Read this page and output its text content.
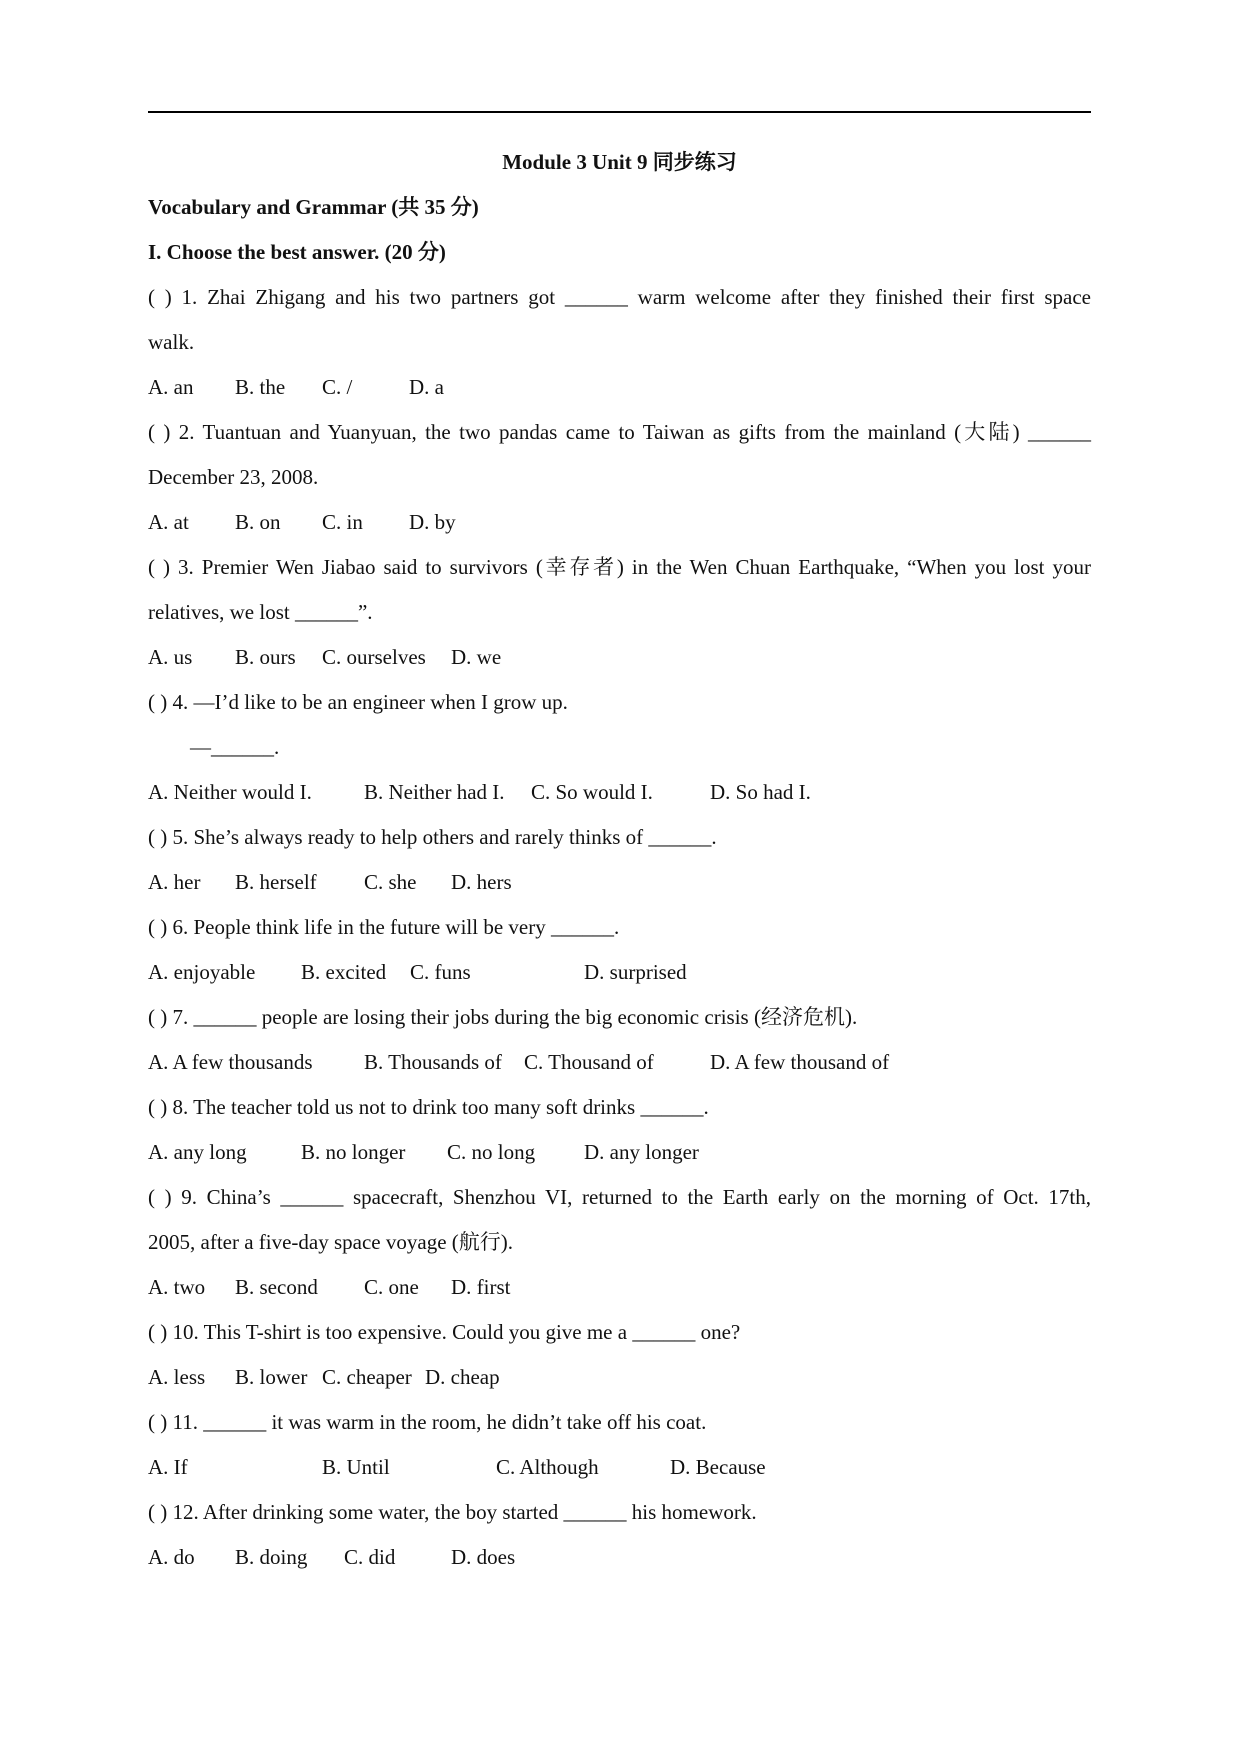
Module 3 Unit 9 同步练习
Vocabulary and Grammar (共 35 分)
I. Choose the best answer. (20 分)
( ) 1. Zhai Zhigang and his two partners got ______ warm welcome after they finished their first space
walk.
A. an B. the C. /	D. a
( ) 2. Tuantuan and Yuanyuan, the two pandas came to Taiwan as gifts from the mainland (大陆) ______
December 23, 2008.
A. at B. on C. in D. by
( ) 3. Premier Wen Jiabao said to survivors (幸存者) in the Wen Chuan Earthquake, “When you lost your
relatives, we lost ______”.
A. us B. ours C. ourselves D. we
( ) 4. —I’d like to be an engineer when I grow up.
—______.
A. Neither would I. B. Neither had I. C. So would I.	D. So had I.
( ) 5. She’s always ready to help others and rarely thinks of ______.
A. her B. herself C. she D. hers
( ) 6. People think life in the future will be very ______.
A. enjoyable B. excited C. funs	D. surprised
( ) 7. ______ people are losing their jobs during the big economic crisis (经济危机).
A. A few thousands B. Thousands of C. Thousand of	D. A few thousand of
( ) 8. The teacher told us not to drink too many soft drinks ______.
A. any long	B. no longer C. no long D. any longer
( ) 9. China’s ______ spacecraft, Shenzhou VI, returned to the Earth early on the morning of Oct. 17th,
2005, after a five-day space voyage (航行).
A. two B. second C. one D. first
( ) 10. This T-shirt is too expensive. Could you give me a ______ one?
A. less B. lower C. cheaper D. cheap
( ) 11. ______ it was warm in the room, he didn’t take off his coat.
A. If	B. Until	C. Although	D. Because
( ) 12. After drinking some water, the boy started ______ his homework.
A. do B. doing C. did	D. does
